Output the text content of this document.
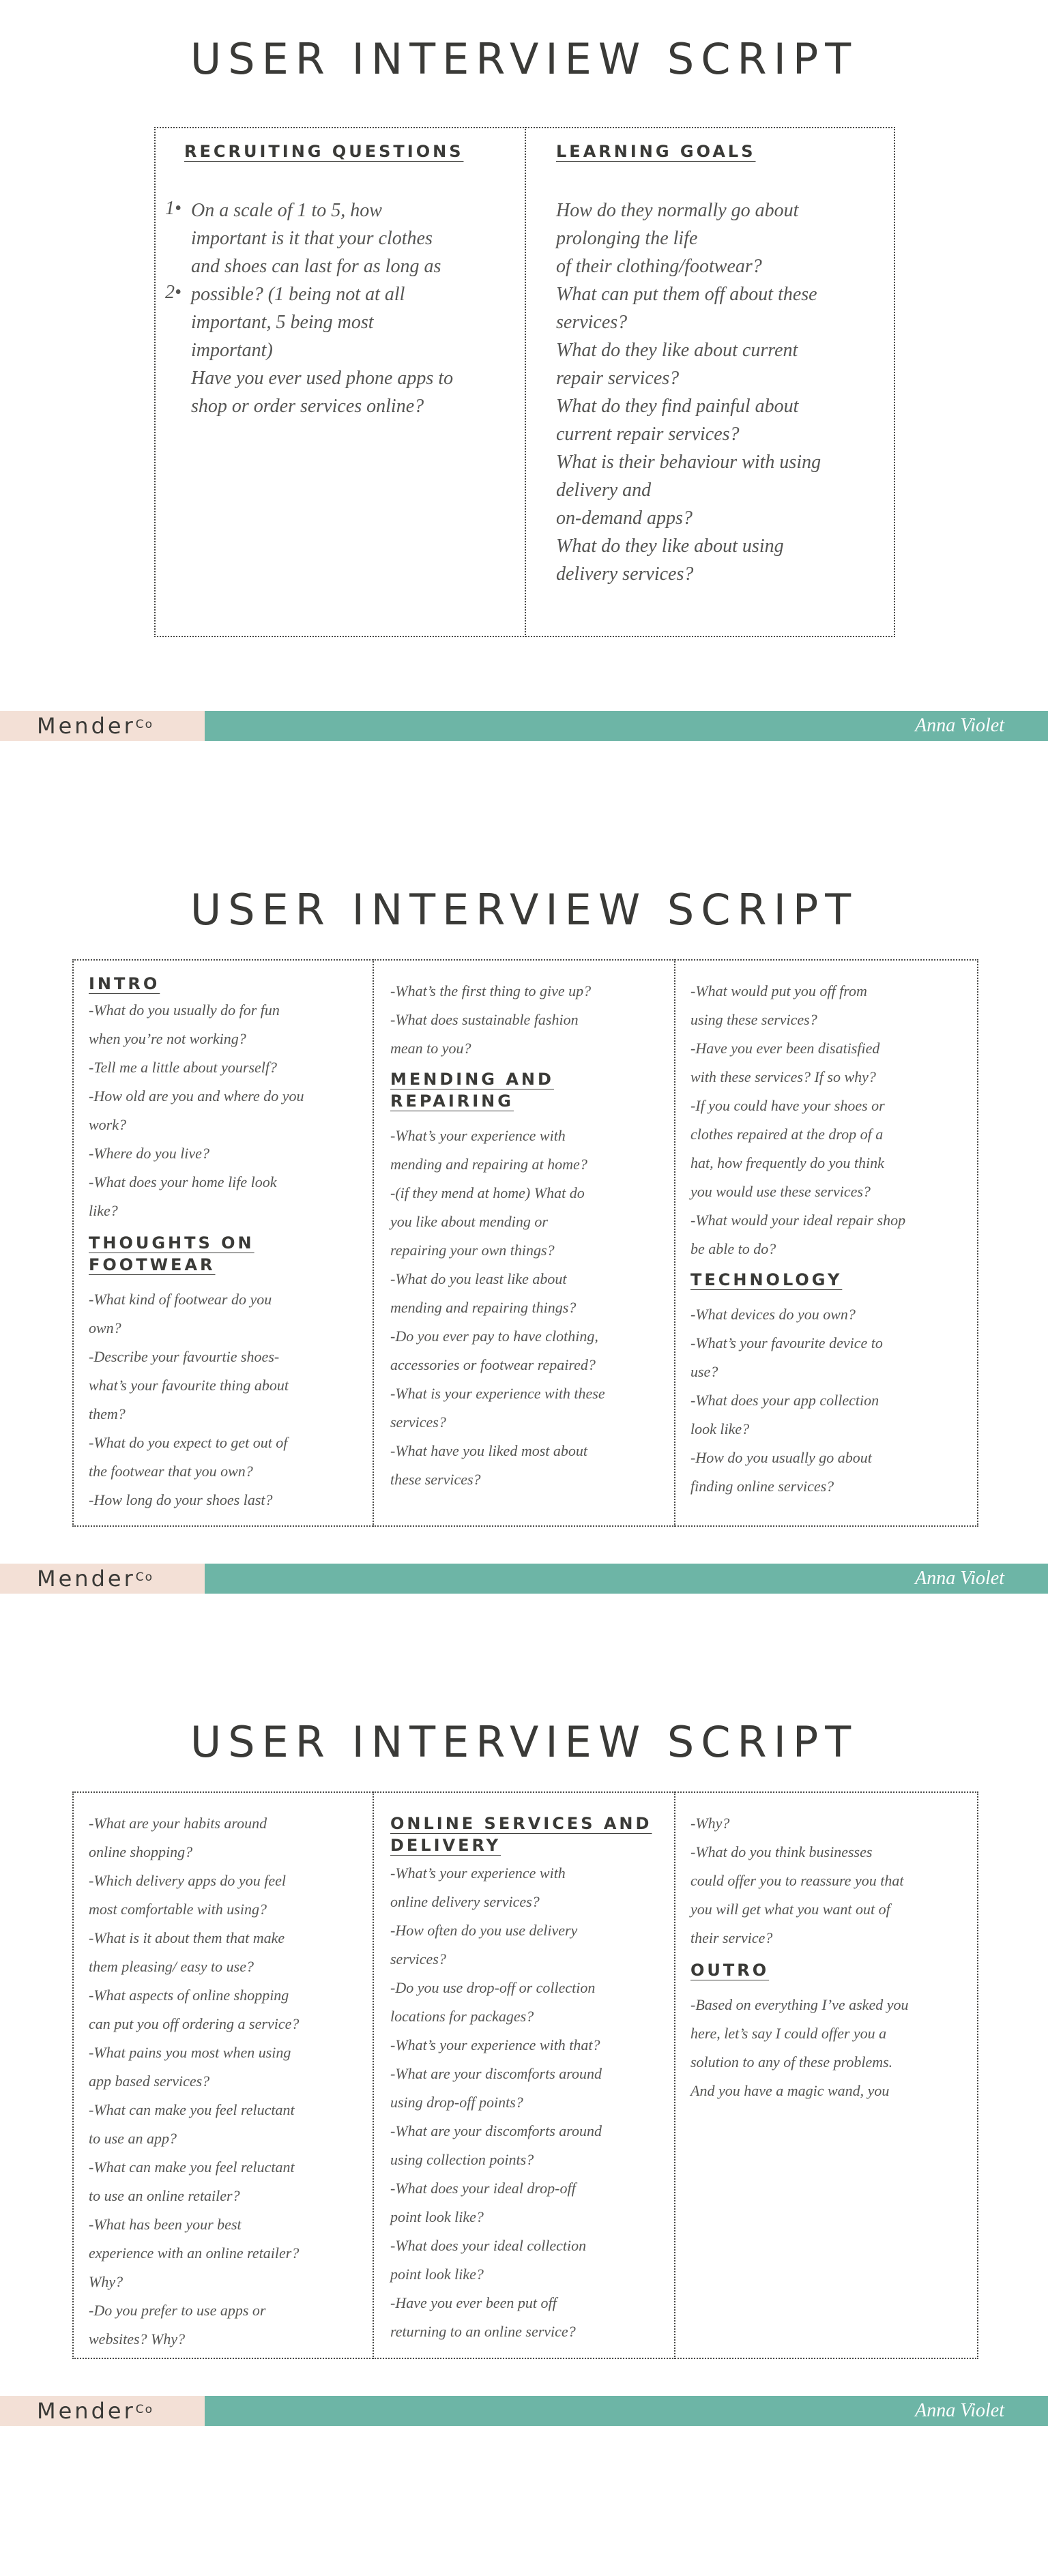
USER INTERVIEW SCRIPT
RECRUITING QUESTIONS
1•
2•
On a scale of 1 to 5, how
important is it that your clothes
and shoes can last for as long as
possible? (1 being not at all
important, 5 being most
important)
Have you ever used phone apps to
shop or order services online?
LEARNING GOALS
How do they normally go about
prolonging the life
of their clothing/footwear?
What can put them off about these
services?
What do they like about current
repair services?
What do they find painful about
current repair services?
What is their behaviour with using
delivery and
on-demand apps?
What do they like about using
delivery services?
Mender$^{Co}$	Anna Violet
USER INTERVIEW SCRIPT
INTRO
-What do you usually do for fun
when you’re not working?
-Tell me a little about yourself?
-How old are you and where do you
work?
-Where do you live?
-What does your home life look
like?
THOUGHTS ON FOOTWEAR
-What kind of footwear do you
own?
-Describe your favourtie shoes-
what’s your favourite thing about
them?
-What do you expect to get out of
the footwear that you own?
-How long do your shoes last?
-What’s the first thing to give up?
-What does sustainable fashion
mean to you?
MENDING AND REPAIRING
-What’s your experience with
mending and repairing at home?
-(if they mend at home) What do
you like about mending or
repairing your own things?
-What do you least like about
mending and repairing things?
-Do you ever pay to have clothing,
accessories or footwear repaired?
-What is your experience with these
services?
-What have you liked most about
these services?
-What would put you off from
using these services?
-Have you ever been disatisfied
with these services? If so why?
-If you could have your shoes or
clothes repaired at the drop of a
hat, how frequently do you think
you would use these services?
-What would your ideal repair shop
be able to do?
TECHNOLOGY
-What devices do you own?
-What’s your favourite device to
use?
-What does your app collection
look like?
-How do you usually go about
finding online services?
Mender$^{Co}$	Anna Violet
USER INTERVIEW SCRIPT
-What are your habits around
online shopping?
-Which delivery apps do you feel
most comfortable with using?
-What is it about them that make
them pleasing/ easy to use?
-What aspects of online shopping
can put you off ordering a service?
-What pains you most when using
app based services?
-What can make you feel reluctant
to use an app?
-What can make you feel reluctant
to use an online retailer?
-What has been your best
experience with an online retailer?
Why?
-Do you prefer to use apps or
websites? Why?
ONLINE SERVICES AND
DELIVERY
-What’s your experience with
online delivery services?
-How often do you use delivery
services?
-Do you use drop-off or collection
locations for packages?
-What’s your experience with that?
-What are your discomforts around
using drop-off points?
-What are your discomforts around
using collection points?
-What does your ideal drop-off
point look like?
-What does your ideal collection
point look like?
-Have you ever been put off
returning to an online service?
-Why?
-What do you think businesses
could offer you to reassure you that
you will get what you want out of
their service?
OUTRO
-Based on everything I’ve asked you
here, let’s say I could offer you a
solution to any of these problems.
And you have a magic wand, you
Mender$^{Co}$	Anna Violet
